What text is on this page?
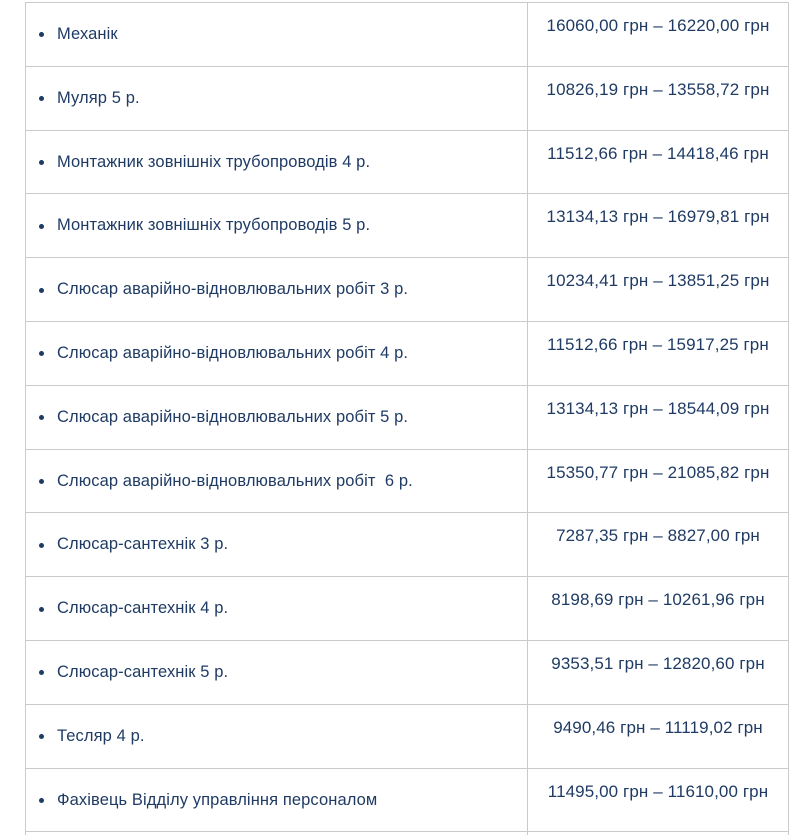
Механік	16060,00 грн – 16220,00 грн

Муляр 5 р.	10826,19 грн – 13558,72 грн

Монтажник зовнішніх трубопроводів 4 р.	11512,66 грн – 14418,46 грн

Монтажник зовнішніх трубопроводів 5 р.	13134,13 грн – 16979,81 грн

Слюсар аварійно-відновлювальних робіт 3 р.	10234,41 грн – 13851,25 грн

Слюсар аварійно-відновлювальних робіт 4 р.	11512,66 грн – 15917,25 грн

Слюсар аварійно-відновлювальних робіт 5 р.	13134,13 грн – 18544,09 грн

Слюсар аварійно-відновлювальних робіт  6 р.	15350,77 грн – 21085,82 грн

Слюсар-сантехнік 3 р.	7287,35 грн – 8827,00 грн

Слюсар-сантехнік 4 р.	8198,69 грн – 10261,96 грн

Слюсар-сантехнік 5 р.	9353,51 грн – 12820,60 грн

Тесляр 4 р.	9490,46 грн – 11119,02 грн

Фахівець Відділу управління персоналом	11495,00 грн – 11610,00 грн
